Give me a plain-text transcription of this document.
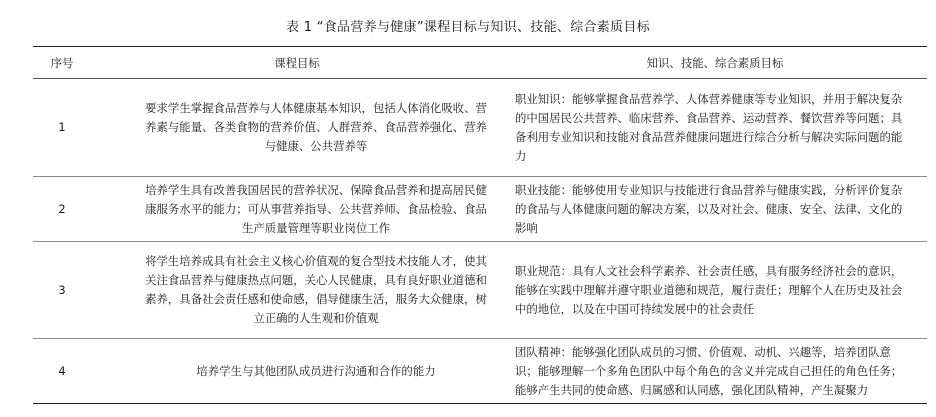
表 1 “食品营养与健康”课程目标与知识、技能、综合素质目标
序号	课程目标	知识、技能、综合素质目标
1	要求学生掌握食品营养与人体健康基本知识，包括人体消化吸收、营养素与能量、各类食物的营养价值、人群营养、食品营养强化、营养与健康、公共营养等	职业知识：能够掌握食品营养学、人体营养健康等专业知识，并用于解决复杂的中国居民公共营养、临床营养、食品营养、运动营养、餐饮营养等问题；具备利用专业知识和技能对食品营养健康问题进行综合分析与解决实际问题的能力
2	培养学生具有改善我国居民的营养状况、保障食品营养和提高居民健康服务水平的能力；可从事营养指导、公共营养师、食品检验、食品生产质量管理等职业岗位工作	职业技能：能够使用专业知识与技能进行食品营养与健康实践，分析评价复杂的食品与人体健康问题的解决方案，以及对社会、健康、安全、法律、文化的影响
3	将学生培养成具有社会主义核心价值观的复合型技术技能人才，使其关注食品营养与健康热点问题，关心人民健康，具有良好职业道德和素养，具备社会责任感和使命感，倡导健康生活，服务大众健康，树立正确的人生观和价值观	职业规范：具有人文社会科学素养、社会责任感，具有服务经济社会的意识，能够在实践中理解并遵守职业道德和规范，履行责任；理解个人在历史及社会中的地位，以及在中国可持续发展中的社会责任
4	培养学生与其他团队成员进行沟通和合作的能力	团队精神：能够强化团队成员的习惯、价值观、动机、兴趣等，培养团队意识；能够理解一个多角色团队中每个角色的含义并完成自己担任的角色任务；能够产生共同的使命感、归属感和认同感，强化团队精神，产生凝聚力
